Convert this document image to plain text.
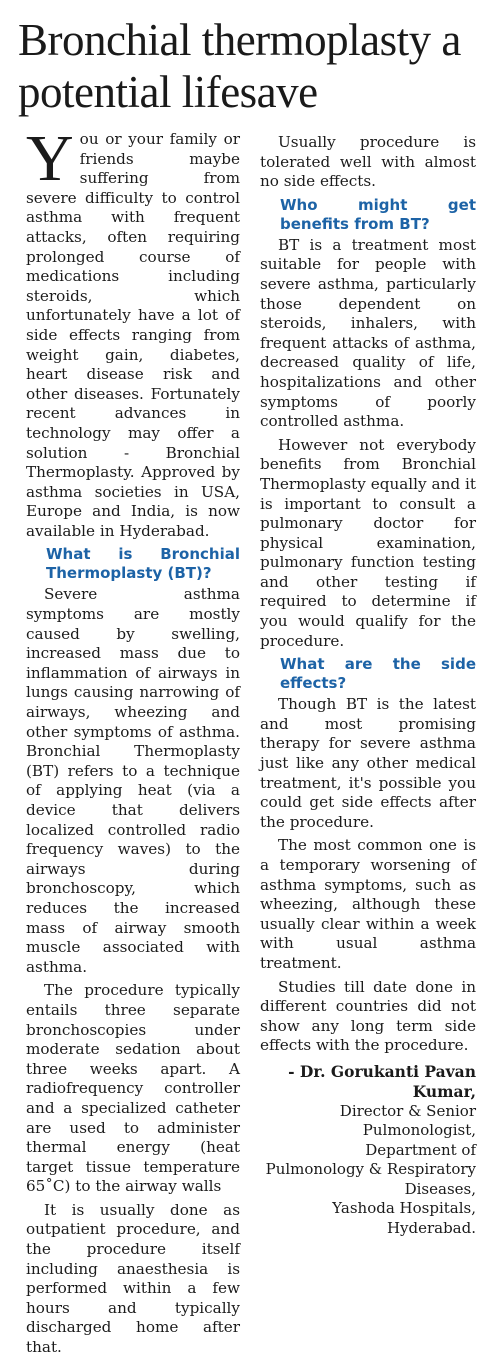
Bronchial thermoplasty a potential lifesave

You or your family or friends maybe suffering from severe difficulty to control asthma with frequent attacks, often requiring prolonged course of medications including steroids, which unfortunately have a lot of side effects ranging from weight gain, diabetes, heart disease risk and other diseases. Fortunately recent advances in technology may offer a solution - Bronchial Thermoplasty. Approved by asthma societies in USA, Europe and India, is now available in Hyderabad.

What is Bronchial Thermoplasty (BT)?

Severe asthma symptoms are mostly caused by swelling, increased mass due to inflammation of airways in lungs causing narrowing of airways, wheezing and other symptoms of asthma. Bronchial Thermoplasty (BT) refers to a technique of applying heat (via a device that delivers localized controlled radio frequency waves) to the airways during bronchoscopy, which reduces the increased mass of airway smooth muscle associated with asthma.

The procedure typically entails three separate bronchoscopies under moderate sedation about three weeks apart. A radiofrequency controller and a specialized catheter are used to administer thermal energy (heat target tissue temperature 65˚C) to the airway walls

It is usually done as outpatient procedure, and the procedure itself including anaesthesia is performed within a few hours and typically discharged home after that.

Usually procedure is tolerated well with almost no side effects.

Who might get benefits from BT?

BT is a treatment most suitable for people with severe asthma, particularly those dependent on steroids, inhalers, with frequent attacks of asthma, decreased quality of life, hospitalizations and other symptoms of poorly controlled asthma.

However not everybody benefits from Bronchial Thermoplasty equally and it is important to consult a pulmonary doctor for physical examination, pulmonary function testing and other testing if required to determine if you would qualify for the procedure.

What are the side effects?

Though BT is the latest and most promising therapy for severe asthma just like any other medical treatment, it's possible you could get side effects after the procedure.

The most common one is a temporary worsening of asthma symptoms, such as wheezing, although these usually clear within a week with usual asthma treatment.

Studies till date done in different countries did not show any long term side effects with the procedure.

- Dr. Gorukanti Pavan Kumar,
Director & Senior
Pulmonologist,
Department of
Pulmonology & Respiratory
Diseases,
Yashoda Hospitals,
Hyderabad.
